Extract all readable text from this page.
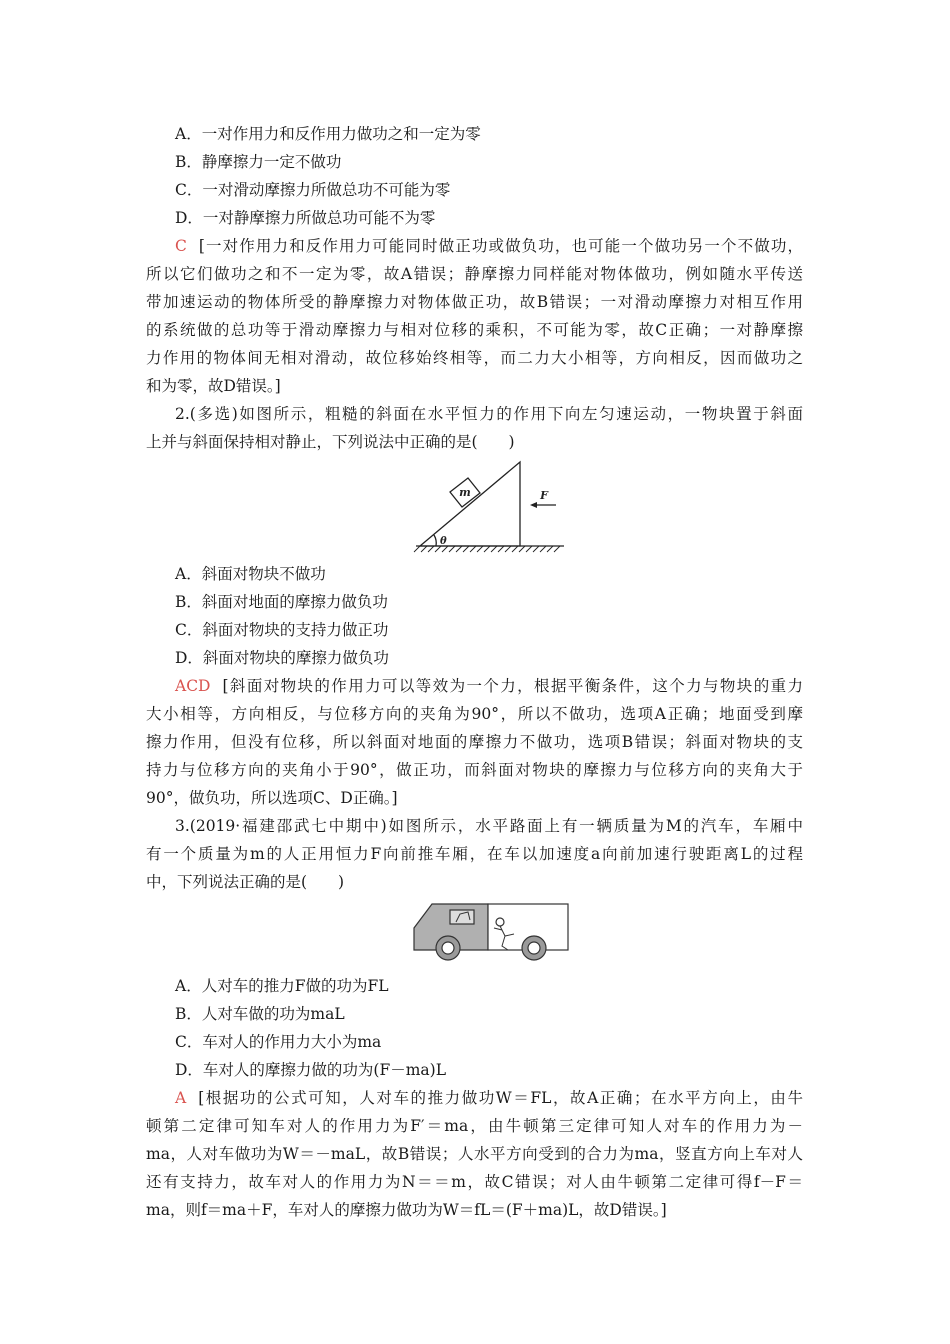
A．一对作用力和反作用力做功之和一定为零
B．静摩擦力一定不做功
C．一对滑动摩擦力所做总功不可能为零
D．一对静摩擦力所做总功可能不为零
C [一对作用力和反作用力可能同时做正功或做负功，也可能一个做功另一个不做功，
所以它们做功之和不一定为零，故A错误；静摩擦力同样能对物体做功，例如随水平传送
带加速运动的物体所受的静摩擦力对物体做正功，故B错误；一对滑动摩擦力对相互作用
的系统做的总功等于滑动摩擦力与相对位移的乘积，不可能为零，故C正确；一对静摩擦
力作用的物体间无相对滑动，故位移始终相等，而二力大小相等，方向相反，因而做功之
和为零，故D错误。]
2.(多选)如图所示，粗糙的斜面在水平恒力的作用下向左匀速运动，一物块置于斜面
上并与斜面保持相对静止，下列说法中正确的是(　　)
m	F
θ
A．斜面对物块不做功
B．斜面对地面的摩擦力做负功
C．斜面对物块的支持力做正功
D．斜面对物块的摩擦力做负功
ACD [斜面对物块的作用力可以等效为一个力，根据平衡条件，这个力与物块的重力
大小相等，方向相反，与位移方向的夹角为90°，所以不做功，选项A正确；地面受到摩
擦力作用，但没有位移，所以斜面对地面的摩擦力不做功，选项B错误；斜面对物块的支
持力与位移方向的夹角小于90°，做正功，而斜面对物块的摩擦力与位移方向的夹角大于
90°，做负功，所以选项C、D正确。]
3.(2019·福建邵武七中期中)如图所示，水平路面上有一辆质量为M的汽车，车厢中
有一个质量为m的人正用恒力F向前推车厢，在车以加速度a向前加速行驶距离L的过程
中，下列说法正确的是(　　)
A．人对车的推力F做的功为FL
B．人对车做的功为maL
C．车对人的作用力大小为ma
D．车对人的摩擦力做的功为(F－ma)L
A [根据功的公式可知，人对车的推力做功W＝FL，故A正确；在水平方向上，由牛
顿第二定律可知车对人的作用力为F′＝ma，由牛顿第三定律可知人对车的作用力为－
ma，人对车做功为W＝－maL，故B错误；人水平方向受到的合力为ma，竖直方向上车对人
还有支持力，故车对人的作用力为N＝＝m，故C错误；对人由牛顿第二定律可得f－F＝
ma，则f＝ma＋F，车对人的摩擦力做功为W＝fL＝(F＋ma)L，故D错误。]
